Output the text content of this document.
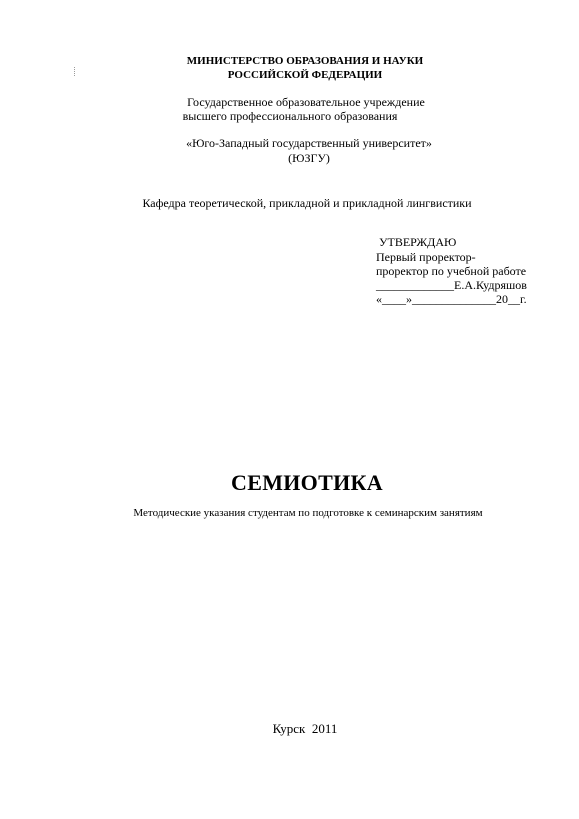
МИНИСТЕРСТВО ОБРАЗОВАНИЯ И НАУКИ
РОССИЙСКОЙ ФЕДЕРАЦИИ
Государственное образовательное учреждение
высшего профессионального образования
«Юго-Западный государственный университет»
(ЮЗГУ)
Кафедра теоретической, прикладной и прикладной лингвистики
УТВЕРЖДАЮ
Первый проректор-
проректор по учебной работе
_____________Е.А.Кудряшов
«____»______________20__г.
СЕМИОТИКА
Методические указания студентам по подготовке к семинарским занятиям
Курск  2011
